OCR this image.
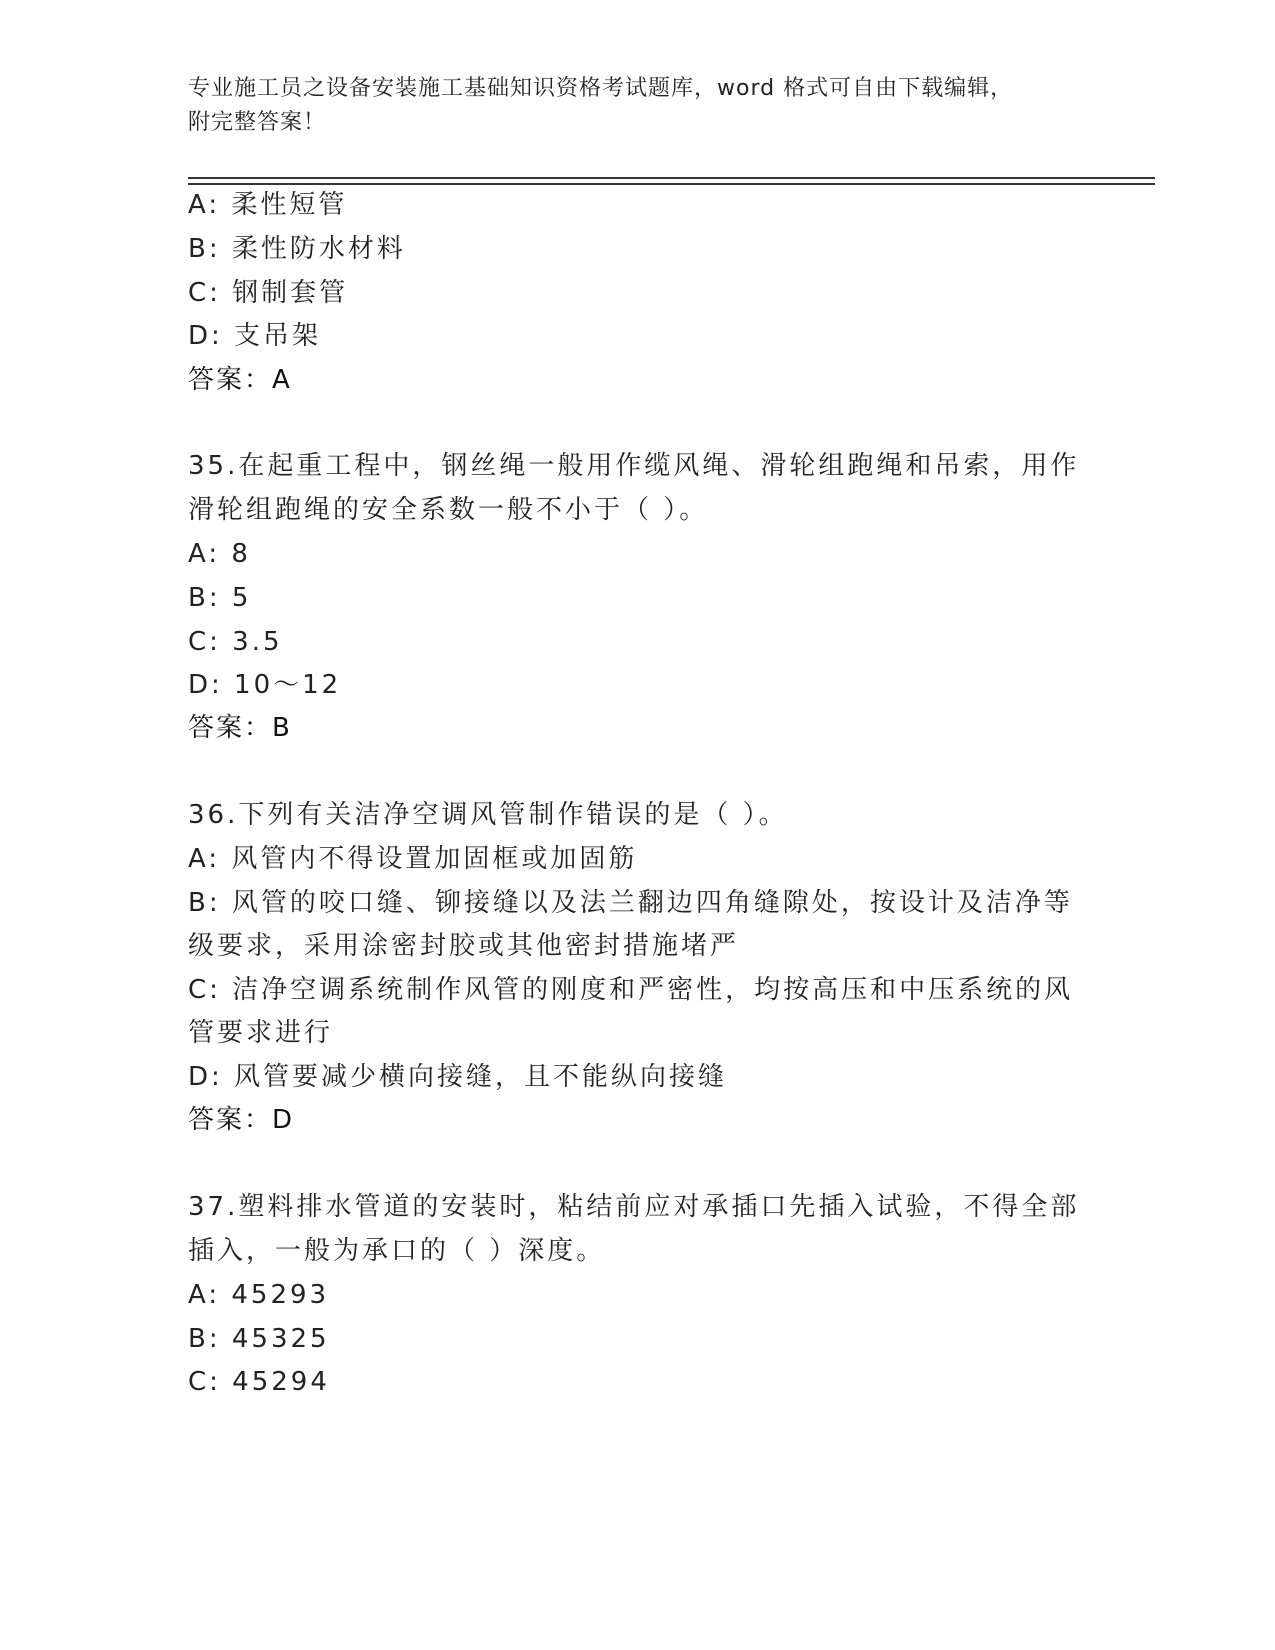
专业施工员之设备安装施工基础知识资格考试题库，word 格式可自由下载编辑，
附完整答案！
A: 柔性短管
B: 柔性防水材料
C: 钢制套管
D: 支吊架
答案：A
35.在起重工程中，钢丝绳一般用作缆风绳、滑轮组跑绳和吊索，用作
滑轮组跑绳的安全系数一般不小于（ ）。
A: 8
B: 5
C: 3.5
D: 10～12
答案：B
36.下列有关洁净空调风管制作错误的是（ ）。
A: 风管内不得设置加固框或加固筋
B: 风管的咬口缝、铆接缝以及法兰翻边四角缝隙处，按设计及洁净等
级要求，采用涂密封胶或其他密封措施堵严
C: 洁净空调系统制作风管的刚度和严密性，均按高压和中压系统的风
管要求进行
D: 风管要减少横向接缝，且不能纵向接缝
答案：D
37.塑料排水管道的安装时，粘结前应对承插口先插入试验，不得全部
插入，一般为承口的（ ）深度。
A: 45293
B: 45325
C: 45294
